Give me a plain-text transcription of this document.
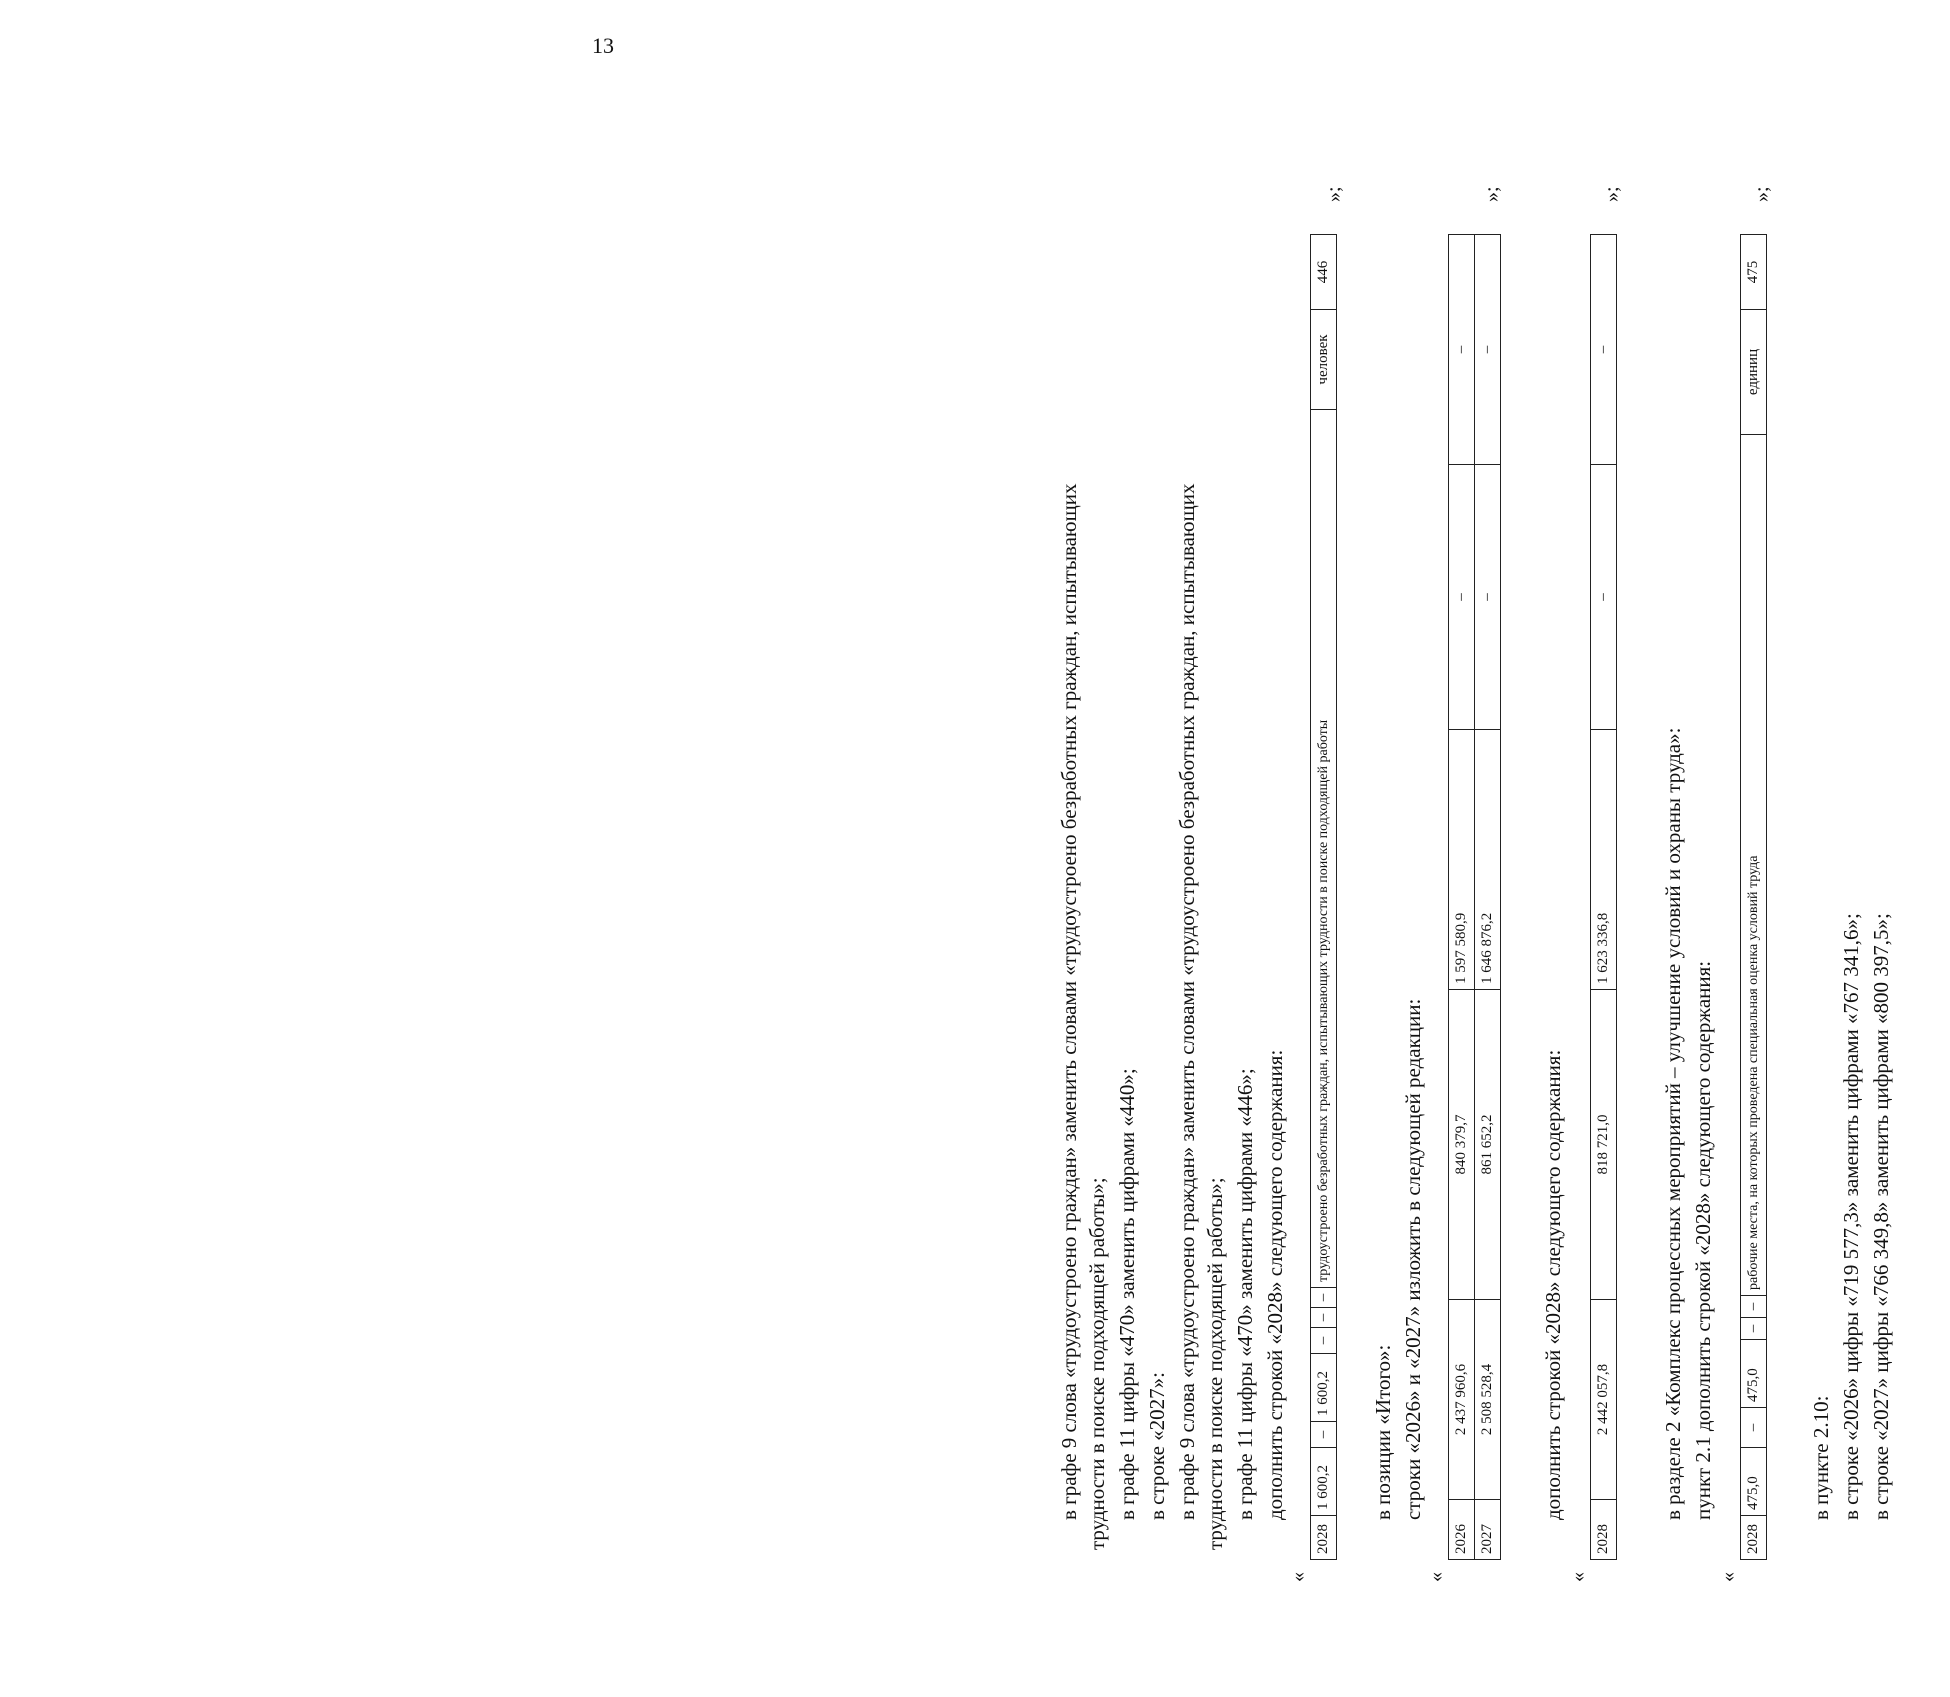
13
в графе 9 слова «трудоустроено граждан» заменить словами «трудоустроено безработных граждан, испытывающих трудности в поиске подходящей работы»; в графе 11 цифры «470» заменить цифрами «440»; в строке «2027»: в графе 9 слова «трудоустроено граждан» заменить словами «трудоустроено безработных граждан, испытывающих трудности в поиске подходящей работы»; в графе 11 цифры «470» заменить цифрами «446»; дополнить строкой «2028» следующего содержания:
«
2028	1 600,2	–	1 600,2	–	–	–	трудоустроено безработных граждан, испытывающих трудности в поиске подходящей работы	человек	446
»;
в позиции «Итого»: строки «2026» и «2027» изложить в следующей редакции:
«
2026	2 437 960,6	840 379,7	1 597 580,9	–	–
2027	2 508 528,4	861 652,2	1 646 876,2	–	–
»;
дополнить строкой «2028» следующего содержания:
«
2028	2 442 057,8	818 721,0	1 623 336,8	–	–
»;
в разделе 2 «Комплекс процессных мероприятий – улучшение условий и охраны труда»: пункт 2.1 дополнить строкой «2028» следующего содержания:
«
2028	475,0	–	475,0	–	–	рабочие места, на которых проведена специальная оценка условий труда	единиц	475
»;
в пункте 2.10: в строке «2026» цифры «719 577,3» заменить цифрами «767 341,6»; в строке «2027» цифры «766 349,8» заменить цифрами «800 397,5»;
